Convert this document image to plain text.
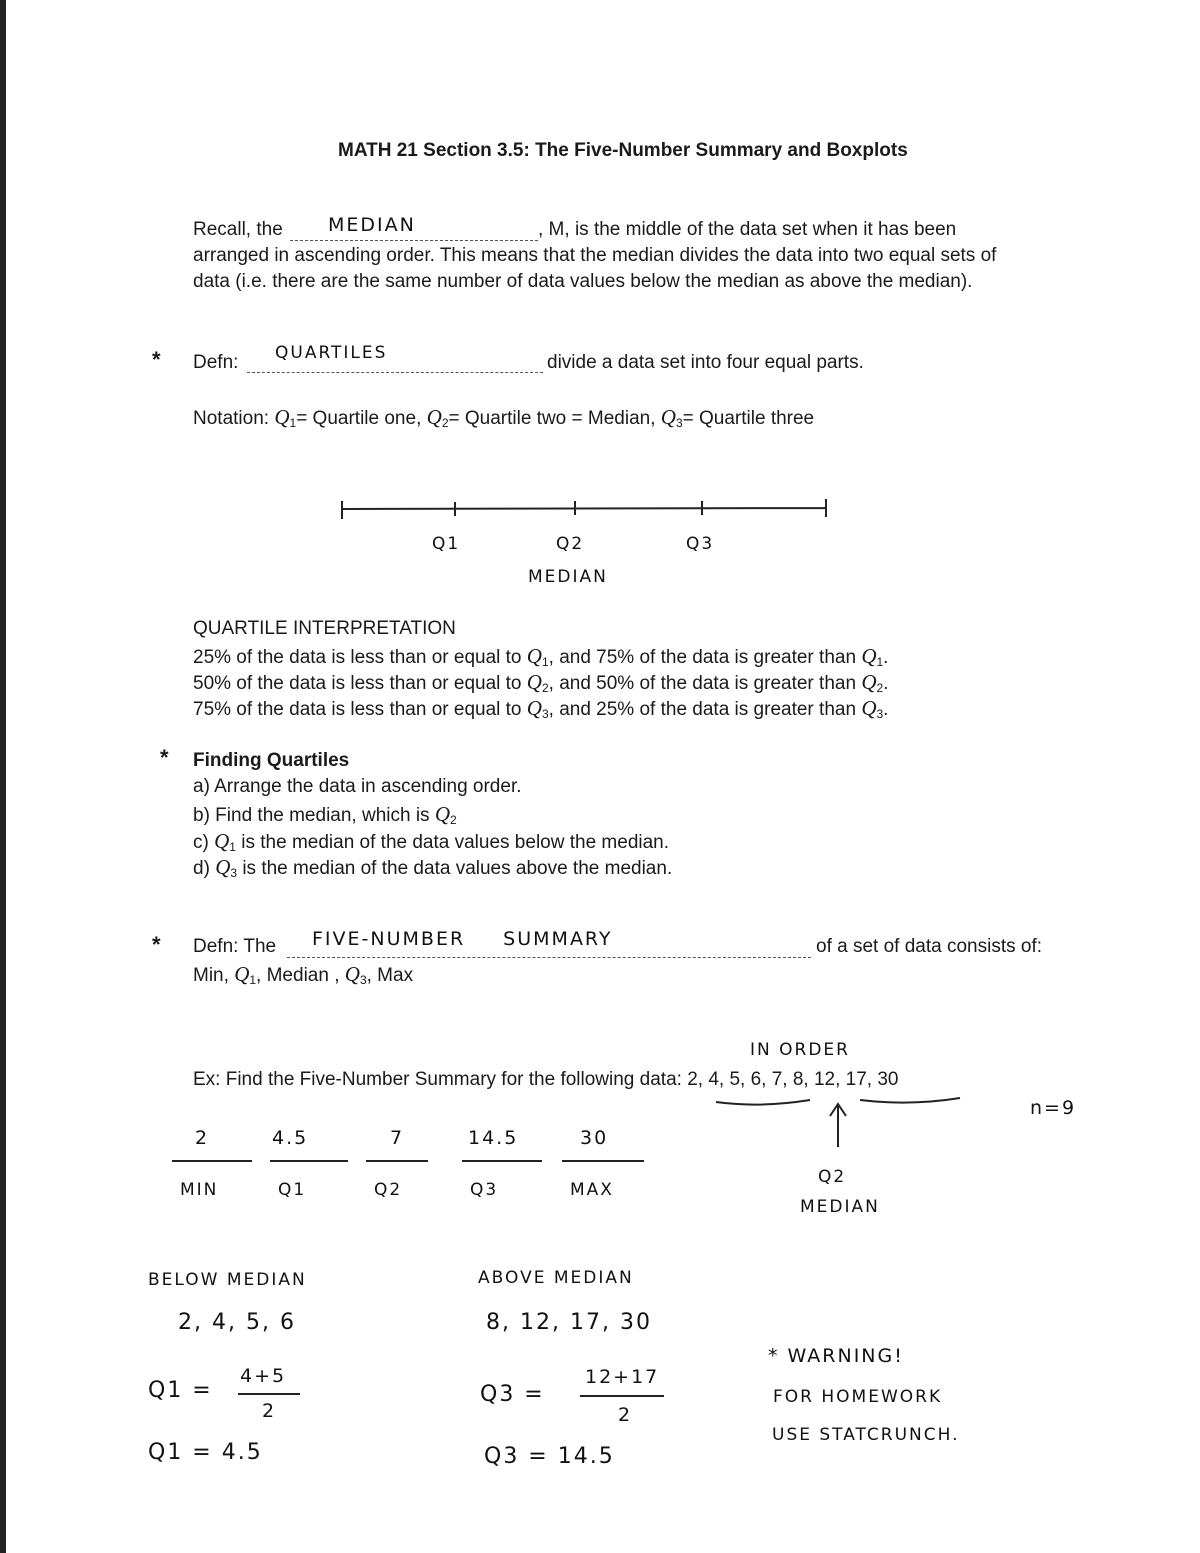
MATH 21 Section 3.5: The Five-Number Summary and Boxplots
Recall, the MEDIAN	, M, is the middle of the data set when it has been
arranged in ascending order. This means that the median divides the data into two equal sets of
data (i.e. there are the same number of data values below the median as above the median).
* Defn: QUARTILES	divide a data set into four equal parts.
Notation: $Q_1=$ Quartile one, $Q_2=$ Quartile two = Median, $Q_3=$ Quartile three
Q1	Q2	Q3
MEDIAN
QUARTILE INTERPRETATION
25% of the data is less than or equal to $Q_1$, and 75% of the data is greater than $Q_1$.
50% of the data is less than or equal to $Q_2$, and 50% of the data is greater than $Q_2$.
75% of the data is less than or equal to $Q_3$, and 25% of the data is greater than $Q_3$.
* Finding Quartiles
a) Arrange the data in ascending order.
b) Find the median, which is $Q_2$
c) $Q_1$ is the median of the data values below the median.
d) $Q_3$ is the median of the data values above the median.
* Defn: The FIVE-NUMBER SUMMARY	of a set of data consists of:
Min, $Q_1$, Median , $Q_3$, Max
IN ORDER
Ex: Find the Five-Number Summary for the following data: 2, 4, 5, 6, 7, 8, 12, 17, 30
n=9
Q2
MEDIAN
2
MIN
4.5
Q1
7
Q2
14.5
Q3
30
MAX
BELOW MEDIAN
2, 4, 5, 6
Q1 =
4+5
2
Q1 = 4.5
ABOVE MEDIAN
8, 12, 17, 30
Q3 =
12+17
2
Q3 = 14.5
* WARNING!
FOR HOMEWORK
USE STATCRUNCH.
